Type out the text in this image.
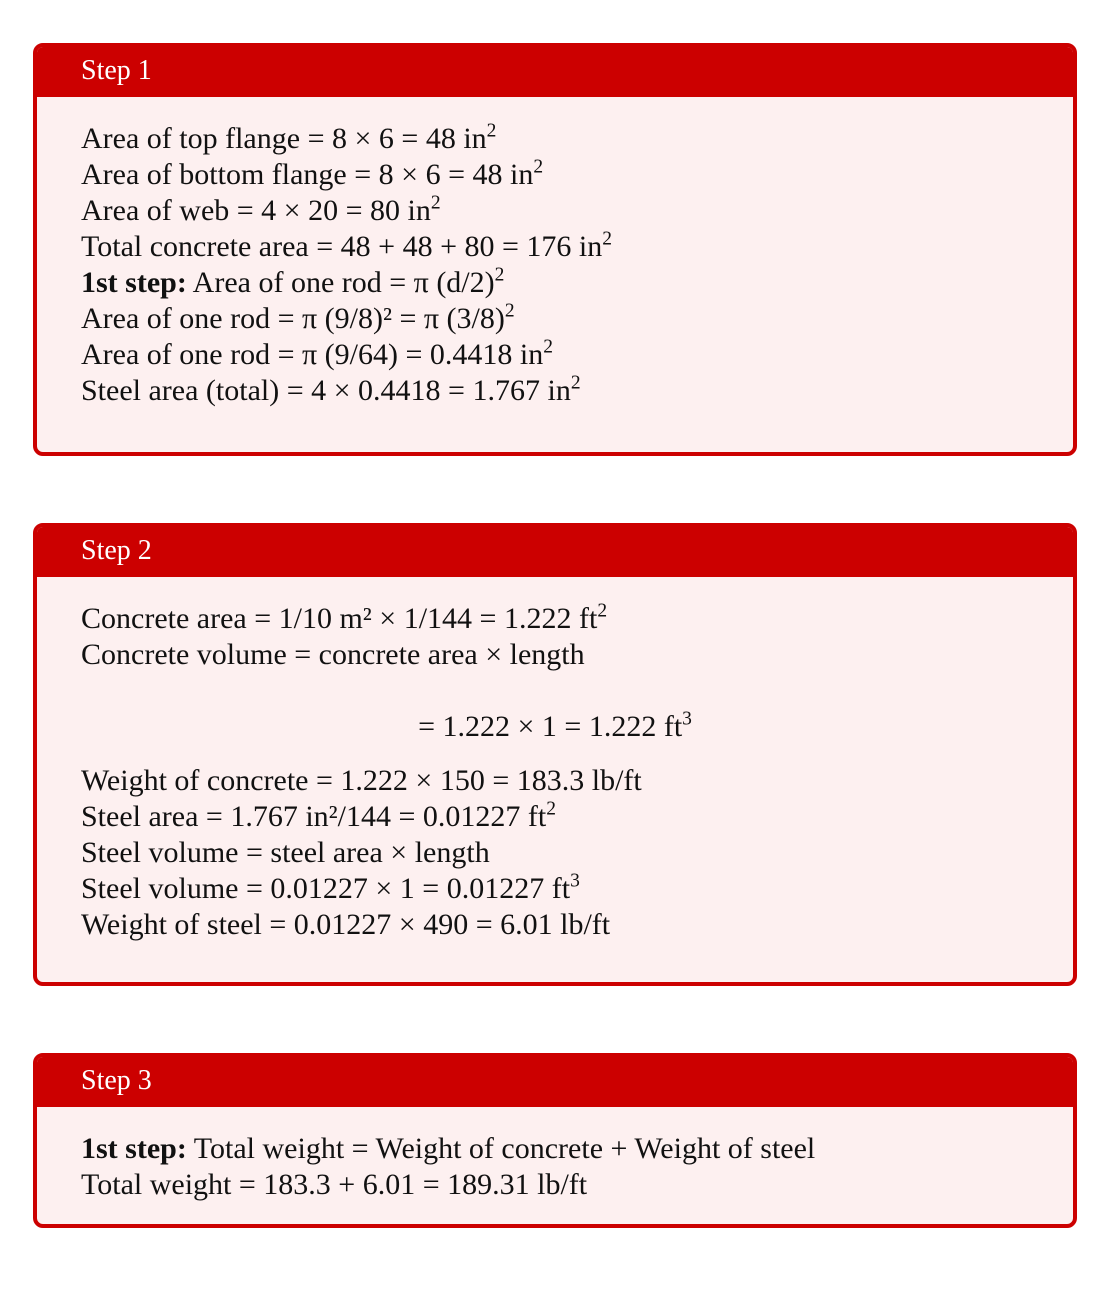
Step 1
Area of top flange = 8 × 6 = 48 $in^2$
Area of bottom flange = 8 × 6 = 48 $in^2$
Area of web = 4 × 20 = 80 $in^2$
Total concrete area = 48 + 48 + 80 = 176 $in^2$
1st step: Area of one rod = π $(d/2)^2$
Area of one rod = π (9/8)² = π $(3/8)^2$
Area of one rod = π (9/64) = 0.4418 $in^2$
Steel area (total) = 4 × 0.4418 = 1.767 $in^2$
Step 2
Concrete area = 1/10 m² × 1/144 = 1.222 $ft^2$
Concrete volume = concrete area × length
= 1.222 × 1 = 1.222 $ft^3$
Weight of concrete = 1.222 × 150 = 183.3 lb/ft
Steel area = 1.767 in²/144 = 0.01227 $ft^2$
Steel volume = steel area × length
Steel volume = 0.01227 × 1 = 0.01227 $ft^3$
Weight of steel = 0.01227 × 490 = 6.01 lb/ft
Step 3
1st step: Total weight = Weight of concrete + Weight of steel
Total weight = 183.3 + 6.01 = 189.31 lb/ft
